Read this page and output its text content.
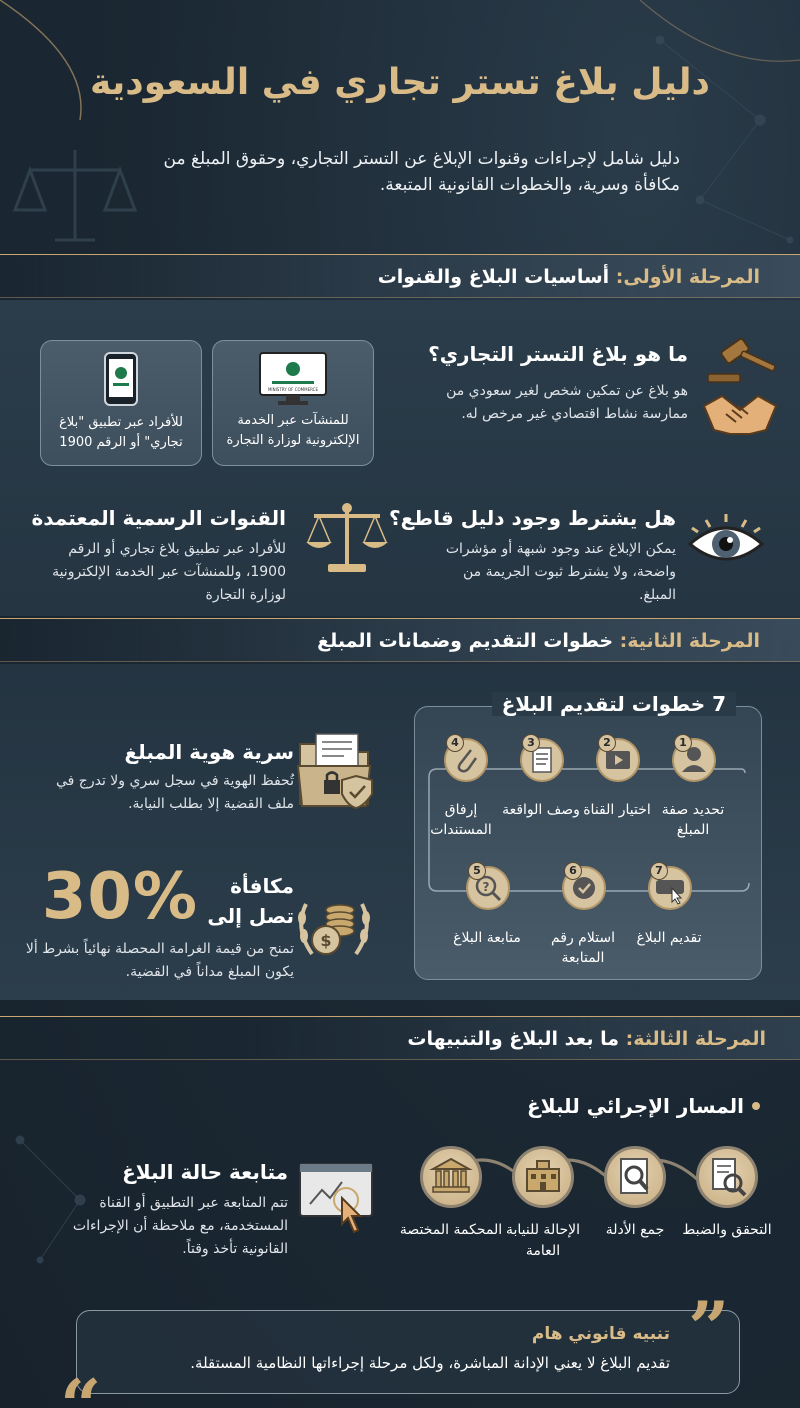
دليل بلاغ تستر تجاري في السعودية
دليل شامل لإجراءات وقنوات الإبلاغ عن التستر التجاري، وحقوق المبلغ من مكافأة وسرية، والخطوات القانونية المتبعة.
المرحلة الأولى: أساسيات البلاغ والقنوات
ما هو بلاغ التستر التجاري؟
هو بلاغ عن تمكين شخص لغير سعودي من ممارسة نشاط اقتصادي غير مرخص له.
MINISTRY OF COMMERCE
للمنشآت عبر الخدمة الإلكترونية لوزارة التجارة
للأفراد عبر تطبيق "بلاغ تجاري" أو الرقم 1900
هل يشترط وجود دليل قاطع؟
يمكن الإبلاغ عند وجود شبهة أو مؤشرات واضحة، ولا يشترط ثبوت الجريمة من المبلغ.
القنوات الرسمية المعتمدة
للأفراد عبر تطبيق بلاغ تجاري أو الرقم 1900، وللمنشآت عبر الخدمة الإلكترونية لوزارة التجارة
المرحلة الثانية: خطوات التقديم وضمانات المبلغ
7 خطوات لتقديم البلاغ
1
تحديد صفة المبلغ
2
اختيار القناة
3
وصف الواقعة
4
إرفاق المستندات
?
5
متابعة البلاغ
6
استلام رقم المتابعة
7
تقديم البلاغ
سرية هوية المبلغ
تُحفظ الهوية في سجل سري ولا تدرج في ملف القضية إلا بطلب النيابة.
مكافأة
تصل إلى
30%
$
تمنح من قيمة الغرامة المحصلة نهائياً بشرط ألا يكون المبلغ مداناً في القضية.
المرحلة الثالثة: ما بعد البلاغ والتنبيهات
المسار الإجرائي للبلاغ
التحقق والضبط
جمع الأدلة
الإحالة للنيابة العامة
المحكمة المختصة
متابعة حالة البلاغ
تتم المتابعة عبر التطبيق أو القناة المستخدمة، مع ملاحظة أن الإجراءات القانونية تأخذ وقتاً.
”
“
تنبيه قانوني هام
تقديم البلاغ لا يعني الإدانة المباشرة، ولكل مرحلة إجراءاتها النظامية المستقلة.
